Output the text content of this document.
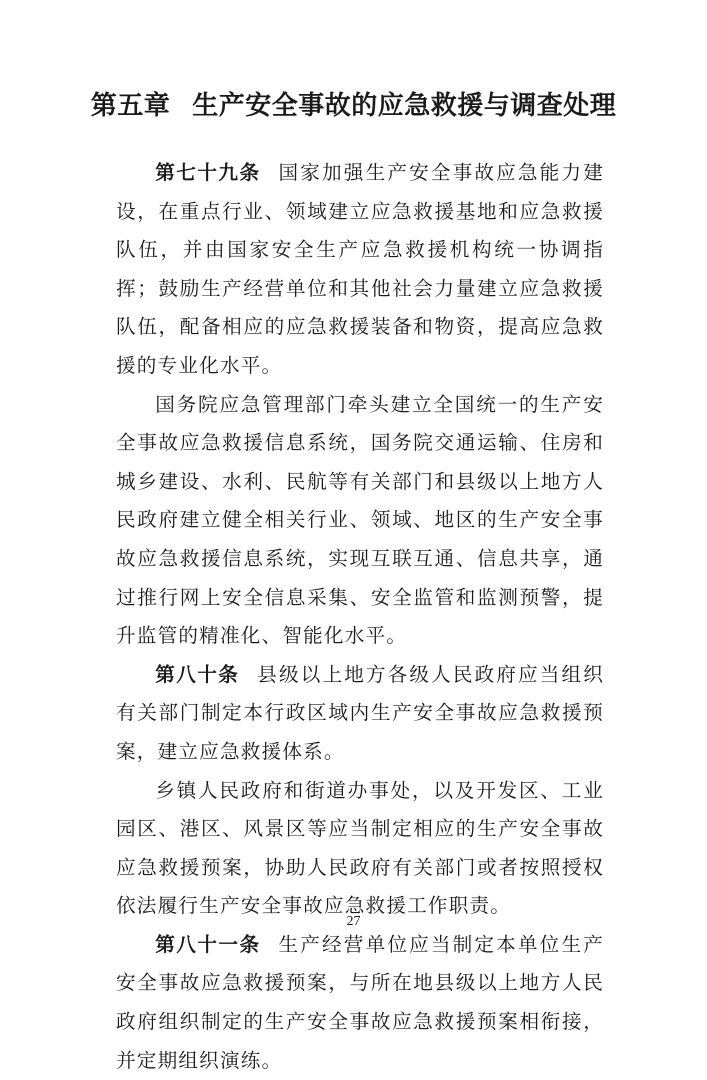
第五章 生产安全事故的应急救援与调查处理

第七十九条 国家加强生产安全事故应急能力建设，在重点行业、领域建立应急救援基地和应急救援队伍，并由国家安全生产应急救援机构统一协调指挥；鼓励生产经营单位和其他社会力量建立应急救援队伍，配备相应的应急救援装备和物资，提高应急救援的专业化水平。

国务院应急管理部门牵头建立全国统一的生产安全事故应急救援信息系统，国务院交通运输、住房和城乡建设、水利、民航等有关部门和县级以上地方人民政府建立健全相关行业、领域、地区的生产安全事故应急救援信息系统，实现互联互通、信息共享，通过推行网上安全信息采集、安全监管和监测预警，提升监管的精准化、智能化水平。

第八十条 县级以上地方各级人民政府应当组织有关部门制定本行政区域内生产安全事故应急救援预案，建立应急救援体系。

乡镇人民政府和街道办事处，以及开发区、工业园区、港区、风景区等应当制定相应的生产安全事故应急救援预案，协助人民政府有关部门或者按照授权依法履行生产安全事故应急救援工作职责。

第八十一条 生产经营单位应当制定本单位生产安全事故应急救援预案，与所在地县级以上地方人民政府组织制定的生产安全事故应急救援预案相衔接，并定期组织演练。

27
